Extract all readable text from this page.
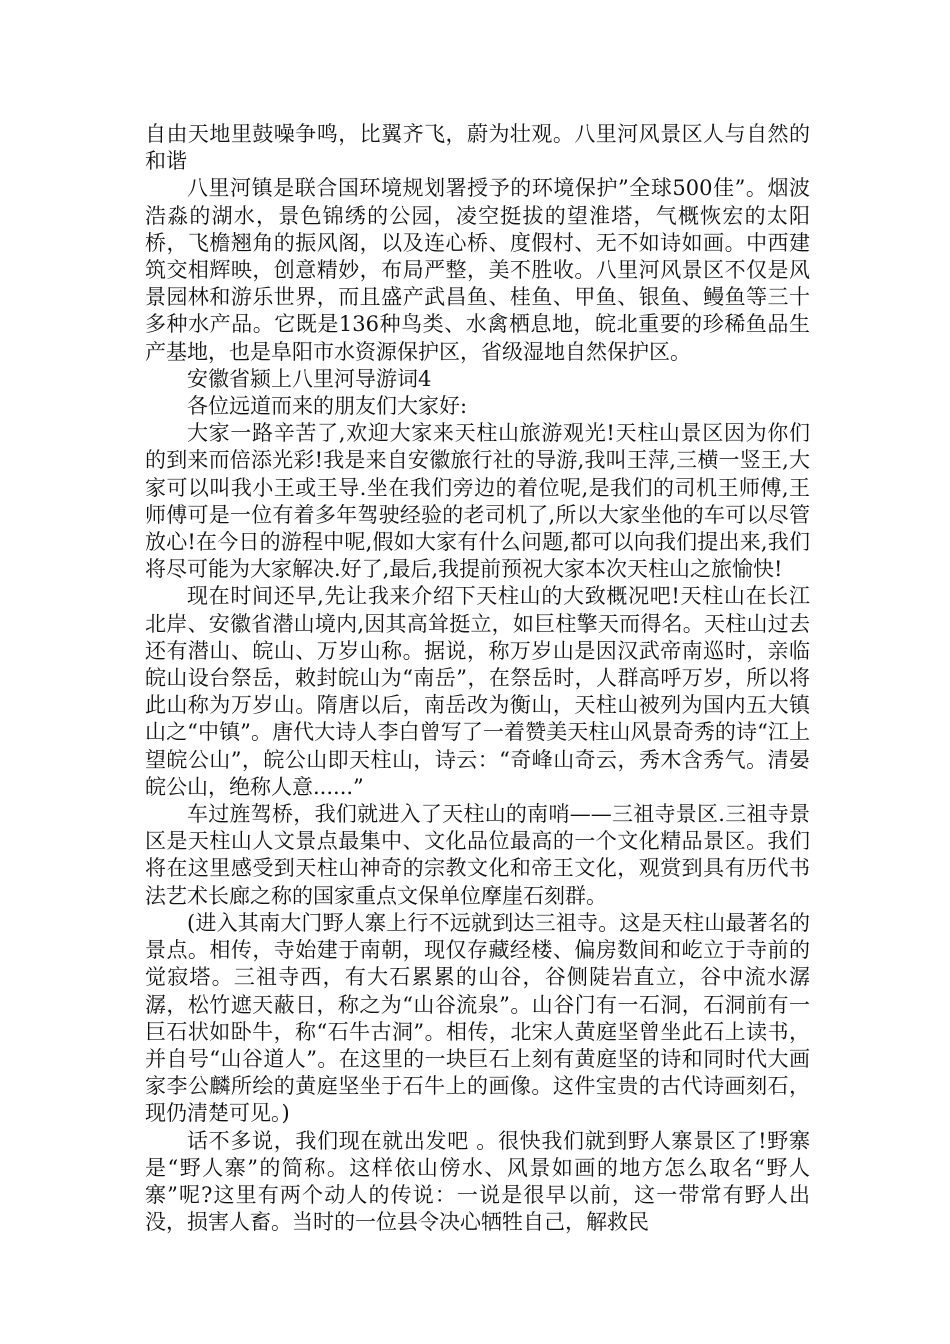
自由天地里鼓噪争鸣，比翼齐飞，蔚为壮观。八里河风景区人与自然的和谐

八里河镇是联合国环境规划署授予的环境保护”全球500佳”。烟波浩淼的湖水，景色锦绣的公园，凌空挺拔的望淮塔，气概恢宏的太阳桥，飞檐翘角的振风阁，以及连心桥、度假村、无不如诗如画。中西建筑交相辉映，创意精妙，布局严整，美不胜收。八里河风景区不仅是风景园林和游乐世界，而且盛产武昌鱼、桂鱼、甲鱼、银鱼、鳗鱼等三十多种水产品。它既是136种鸟类、水禽栖息地，皖北重要的珍稀鱼品生产基地，也是阜阳市水资源保护区，省级湿地自然保护区。

安徽省颍上八里河导游词4

各位远道而来的朋友们大家好:

大家一路辛苦了,欢迎大家来天柱山旅游观光!天柱山景区因为你们的到来而倍添光彩!我是来自安徽旅行社的导游,我叫王萍,三横一竖王,大家可以叫我小王或王导.坐在我们旁边的着位呢,是我们的司机王师傅,王师傅可是一位有着多年驾驶经验的老司机了,所以大家坐他的车可以尽管放心!在今日的游程中呢,假如大家有什么问题,都可以向我们提出来,我们将尽可能为大家解决.好了,最后,我提前预祝大家本次天柱山之旅愉快!

现在时间还早,先让我来介绍下天柱山的大致概况吧!天柱山在长江北岸、安徽省潜山境内,因其高耸挺立，如巨柱擎天而得名。天柱山过去还有潜山、皖山、万岁山称。据说，称万岁山是因汉武帝南巡时，亲临皖山设台祭岳，敕封皖山为“南岳”，在祭岳时，人群高呼万岁，所以将此山称为万岁山。隋唐以后，南岳改为衡山，天柱山被列为国内五大镇山之“中镇”。唐代大诗人李白曾写了一着赞美天柱山风景奇秀的诗“江上望皖公山”，皖公山即天柱山，诗云：“奇峰山奇云，秀木含秀气。清晏皖公山，绝称人意......”

车过旌驾桥，我们就进入了天柱山的南哨——三祖寺景区.三祖寺景区是天柱山人文景点最集中、文化品位最高的一个文化精品景区。我们将在这里感受到天柱山神奇的宗教文化和帝王文化，观赏到具有历代书法艺术长廊之称的国家重点文保单位摩崖石刻群。

(进入其南大门野人寨上行不远就到达三祖寺。这是天柱山最著名的景点。相传，寺始建于南朝，现仅存藏经楼、偏房数间和屹立于寺前的觉寂塔。三祖寺西，有大石累累的山谷，谷侧陡岩直立，谷中流水潺潺，松竹遮天蔽日，称之为“山谷流泉”。山谷门有一石洞，石洞前有一巨石状如卧牛，称“石牛古洞”。相传，北宋人黄庭坚曾坐此石上读书，并自号“山谷道人”。在这里的一块巨石上刻有黄庭坚的诗和同时代大画家李公麟所绘的黄庭坚坐于石牛上的画像。这件宝贵的古代诗画刻石，现仍清楚可见。)

话不多说，我们现在就出发吧 。很快我们就到野人寨景区了!野寨是“野人寨”的简称。这样依山傍水、风景如画的地方怎么取名“野人寨”呢?这里有两个动人的传说：一说是很早以前，这一带常有野人出没，损害人畜。当时的一位县令决心牺牲自己，解救民
